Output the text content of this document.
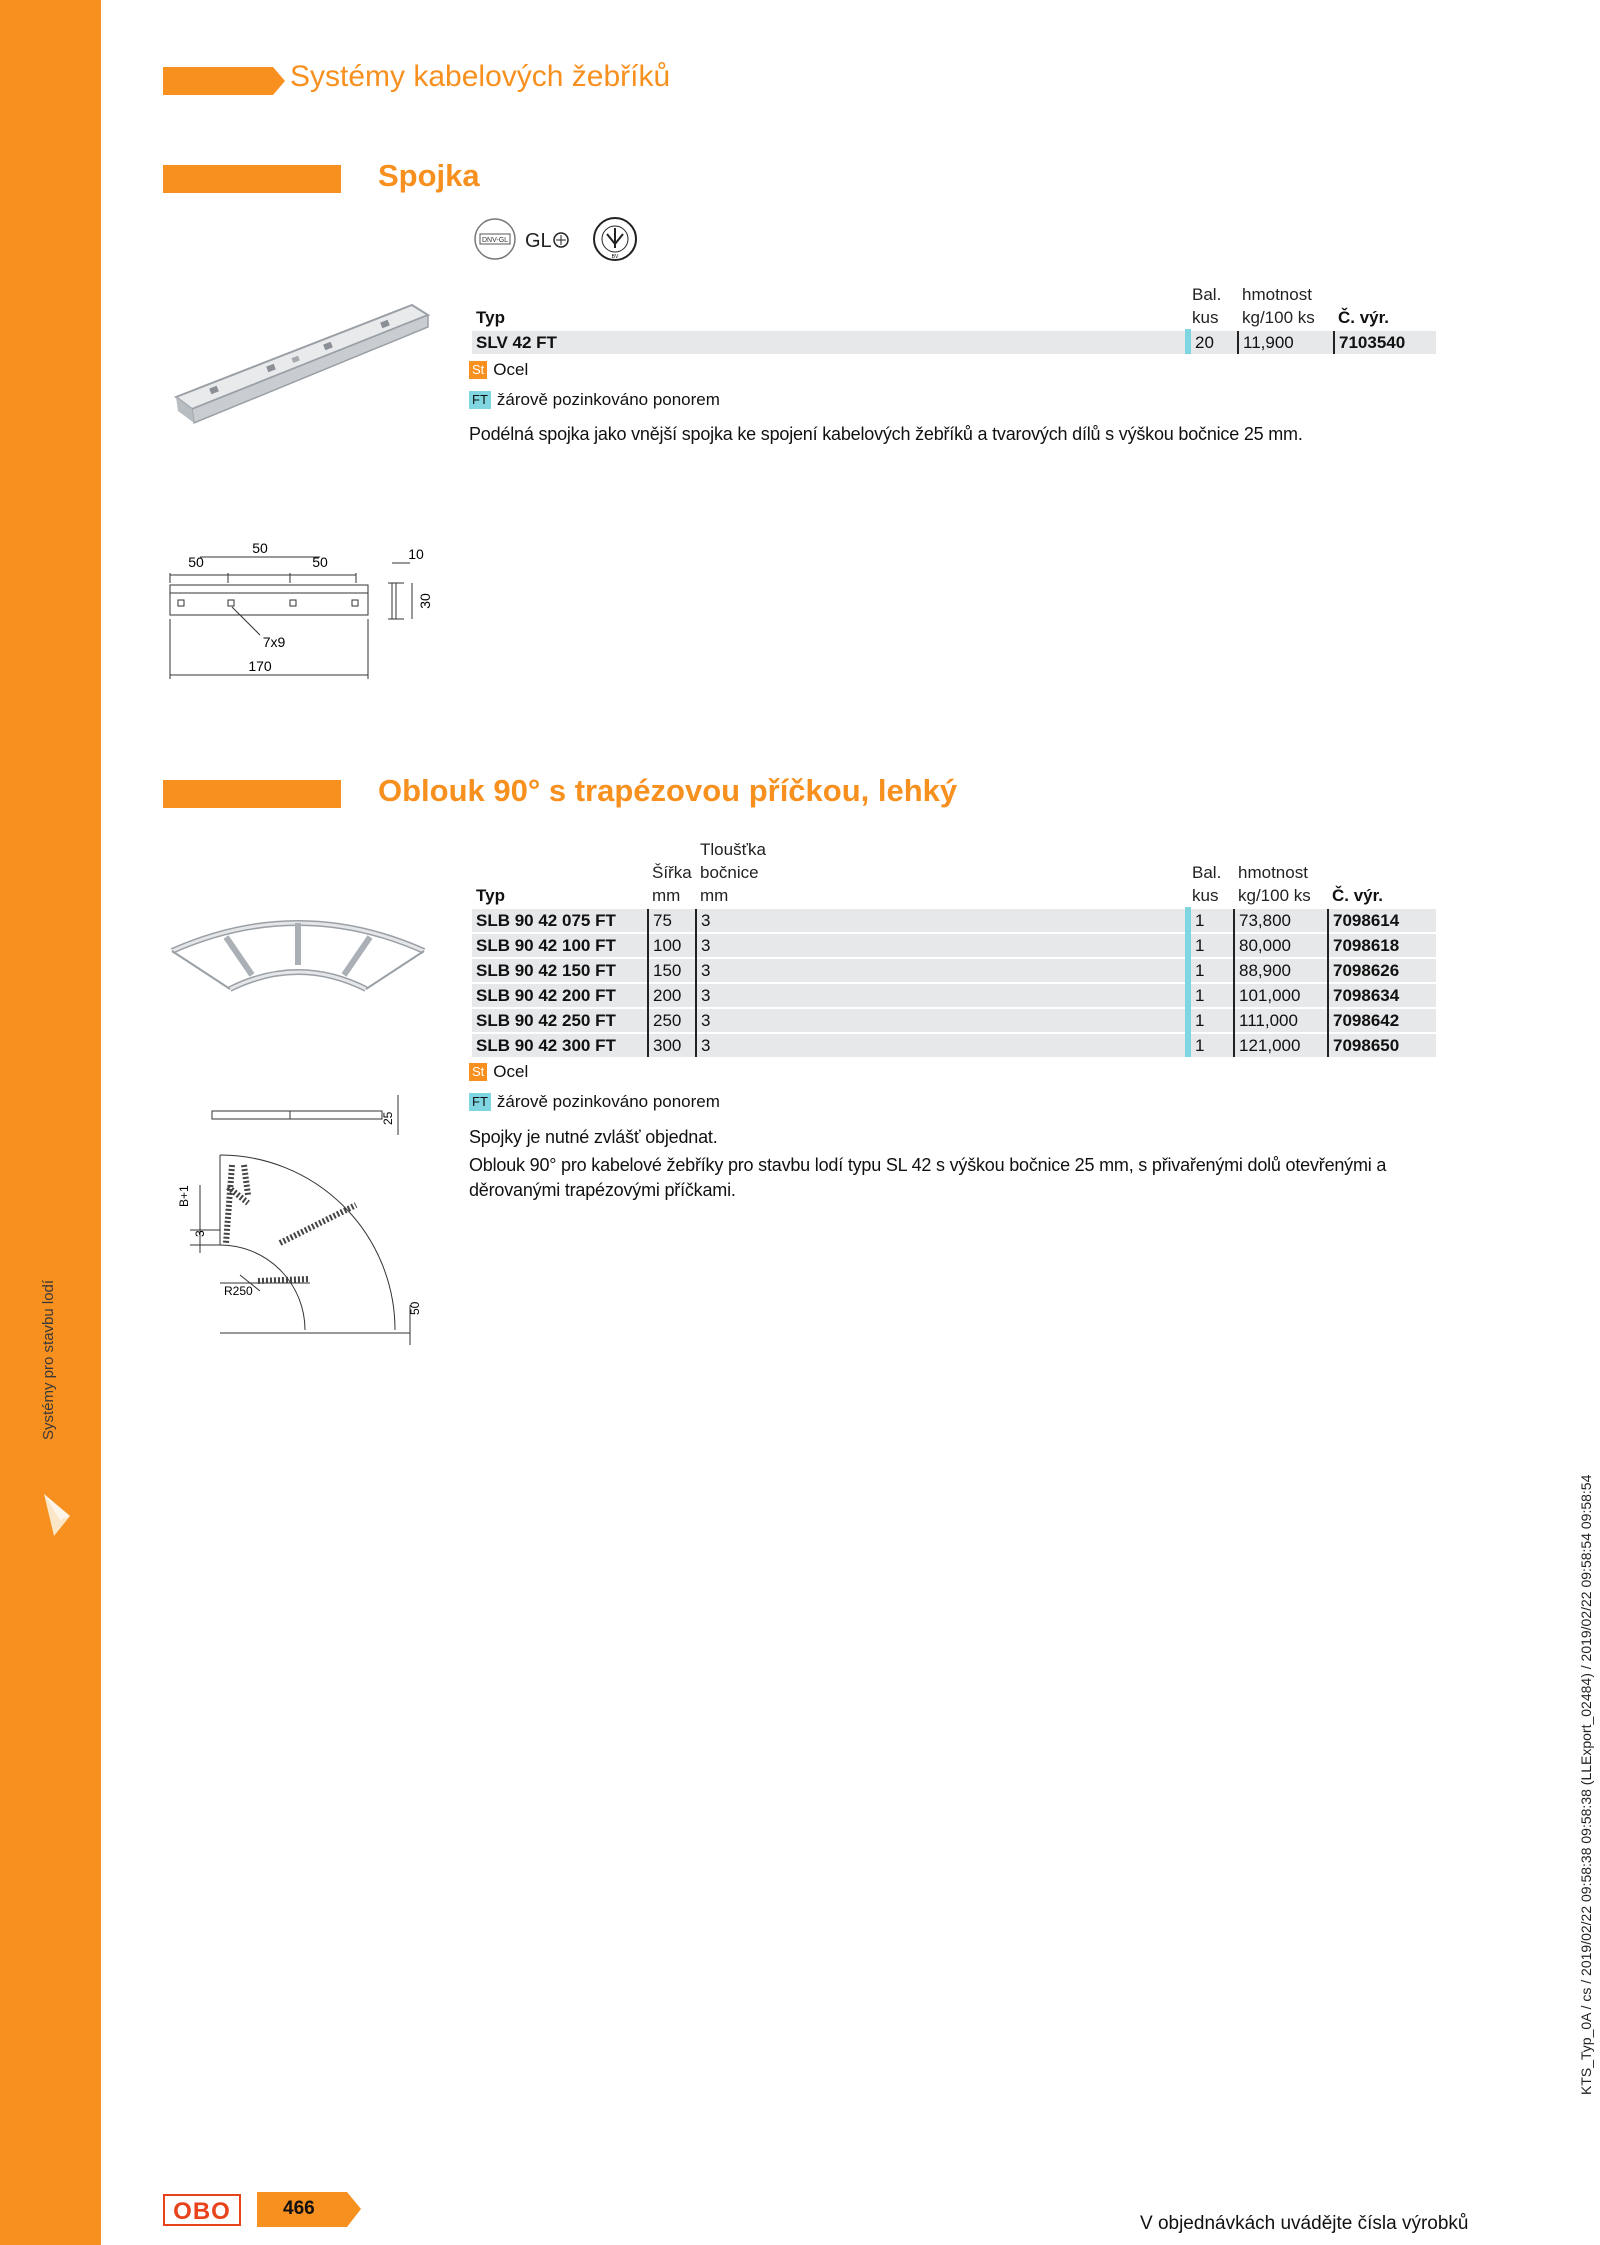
Systémy pro stavbu lodí
Systémy kabelových žebříků
Spojka
DNV-GL GL
BV
	Bal.	hmotnost	
Typ	kus	kg/100 ks	Č. výr.
SLV 42 FT	20	11,900	7103540
St Ocel
FT žárově pozinkováno ponorem
Podélná spojka jako vnější spojka ke spojení kabelových žebříků a tvarových dílů s výškou bočnice 25 mm.
50
50
50	10
30
7x9
170
Oblouk 90° s trapézovou příčkou, lehký
		Tloušťka			
	Šířka	bočnice	Bal.	hmotnost	
Typ	mm	mm	kus	kg/100 ks	Č. výr.
SLB 90 42 075 FT	75	3	1	73,800	7098614
SLB 90 42 100 FT	100	3	1	80,000	7098618
SLB 90 42 150 FT	150	3	1	88,900	7098626
SLB 90 42 200 FT	200	3	1	101,000	7098634
SLB 90 42 250 FT	250	3	1	111,000	7098642
SLB 90 42 300 FT	300	3	1	121,000	7098650
St Ocel
FT žárově pozinkováno ponorem
Spojky je nutné zvlášť objednat.
Oblouk 90° pro kabelové žebříky pro stavbu lodí typu SL 42 s výškou bočnice 25 mm, s přivařenými dolů otevřenými a děrovanými trapézovými příčkami.
25
B+1
3
R250
50
KTS_Typ_0A / cs / 2019/02/22 09:58:38 09:58:38 (LLExport_02484) / 2019/02/22 09:58:54 09:58:54
OBO	466
V objednávkách uvádějte čísla výrobků
